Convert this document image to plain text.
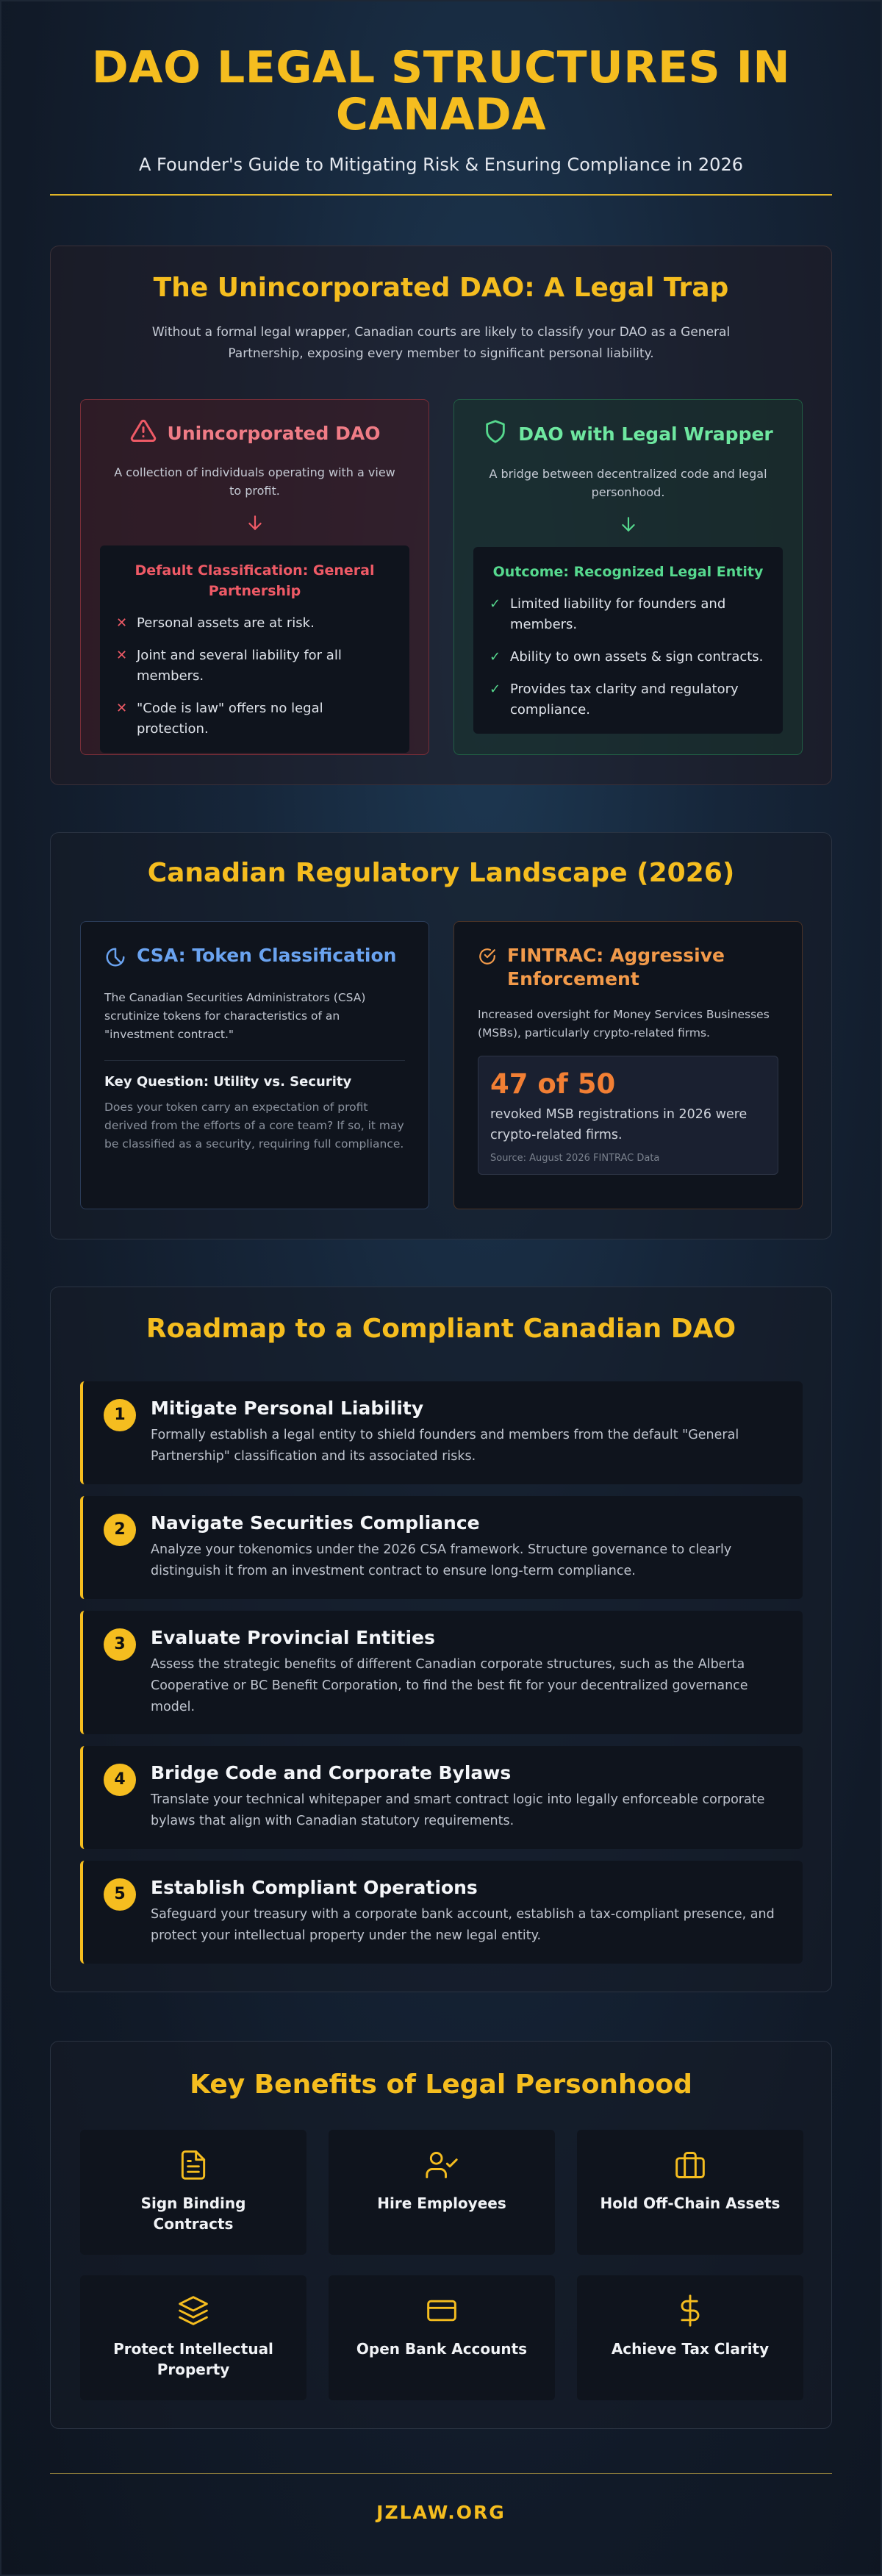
DAO LEGAL STRUCTURES IN CANADA
A Founder's Guide to Mitigating Risk & Ensuring Compliance in 2026
The Unincorporated DAO: A Legal Trap
Without a formal legal wrapper, Canadian courts are likely to classify your DAO as a General Partnership, exposing every member to significant personal liability.
Unincorporated DAO
A collection of individuals operating with a view to profit.
Default Classification: General Partnership
✕ Personal assets are at risk.
✕ Joint and several liability for all members.
✕ "Code is law" offers no legal protection.
DAO with Legal Wrapper
A bridge between decentralized code and legal personhood.
Outcome: Recognized Legal Entity
✓ Limited liability for founders and members.
✓ Ability to own assets & sign contracts.
✓ Provides tax clarity and regulatory compliance.
Canadian Regulatory Landscape (2026)
CSA: Token Classification
The Canadian Securities Administrators (CSA) scrutinize tokens for characteristics of an "investment contract."
Key Question: Utility vs. Security
Does your token carry an expectation of profit derived from the efforts of a core team? If so, it may be classified as a security, requiring full compliance.
FINTRAC: Aggressive Enforcement
Increased oversight for Money Services Businesses (MSBs), particularly crypto-related firms.
47 of 50
revoked MSB registrations in 2026 were crypto-related firms.
Source: August 2026 FINTRAC Data
Roadmap to a Compliant Canadian DAO
1	Mitigate Personal Liability
Formally establish a legal entity to shield founders and members from the default "General Partnership" classification and its associated risks.
2	Navigate Securities Compliance
Analyze your tokenomics under the 2026 CSA framework. Structure governance to clearly distinguish it from an investment contract to ensure long-term compliance.
3	Evaluate Provincial Entities
Assess the strategic benefits of different Canadian corporate structures, such as the Alberta Cooperative or BC Benefit Corporation, to find the best fit for your decentralized governance model.
4	Bridge Code and Corporate Bylaws
Translate your technical whitepaper and smart contract logic into legally enforceable corporate bylaws that align with Canadian statutory requirements.
5	Establish Compliant Operations
Safeguard your treasury with a corporate bank account, establish a tax-compliant presence, and protect your intellectual property under the new legal entity.
Key Benefits of Legal Personhood
Sign Binding Contracts
Hire Employees	Hold Off-Chain Assets
Protect Intellectual Property
Open Bank Accounts	Achieve Tax Clarity
JZLAW.ORG
